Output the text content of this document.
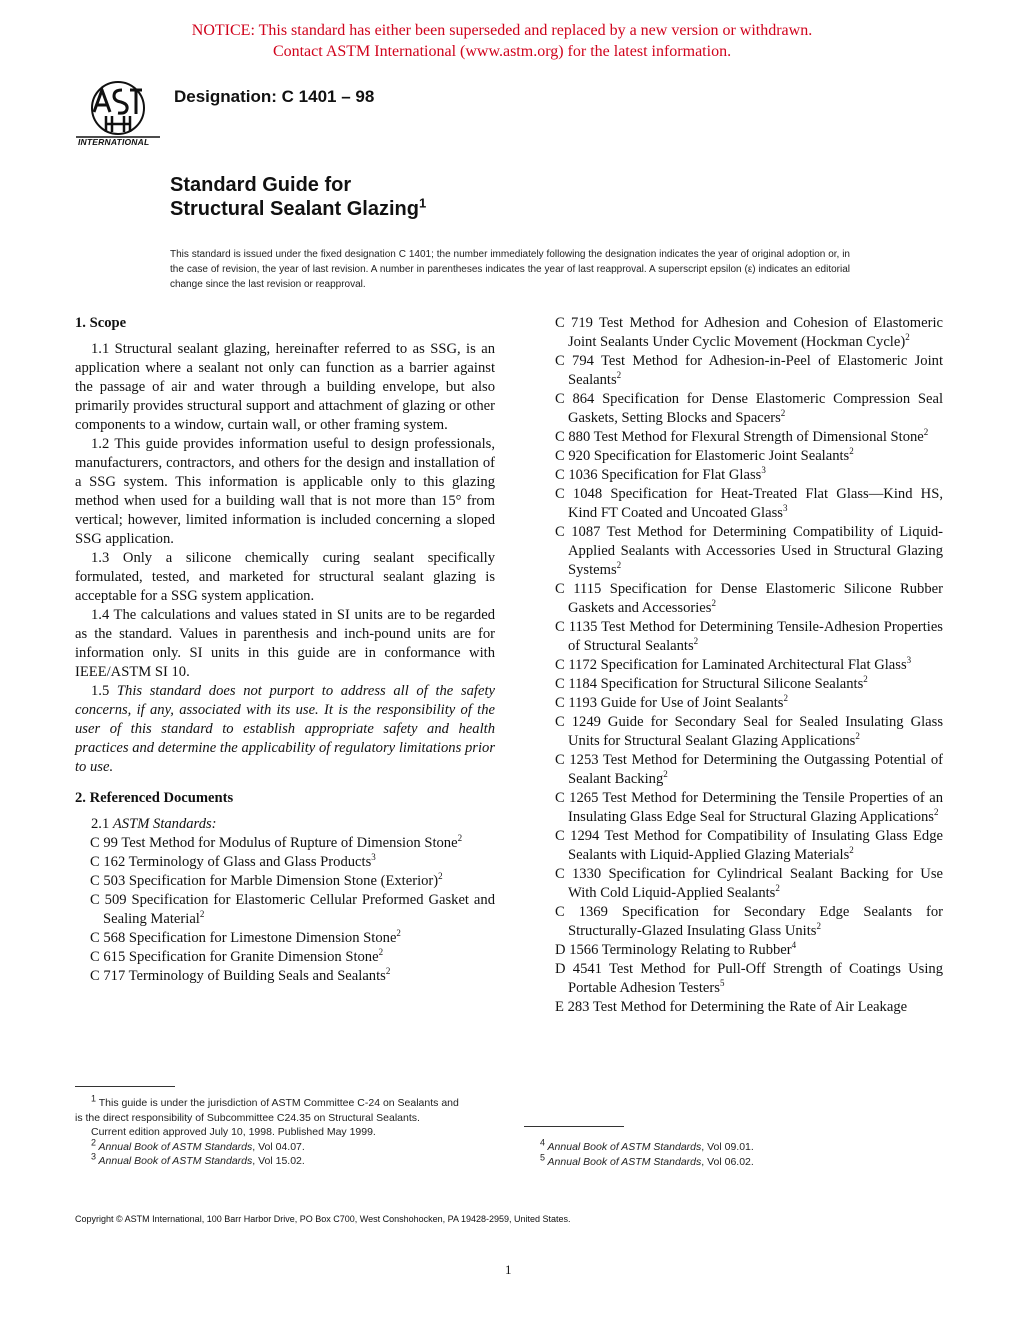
NOTICE: This standard has either been superseded and replaced by a new version or withdrawn.
Contact ASTM International (www.astm.org) for the latest information.
INTERNATIONAL
Designation: C 1401 – 98
Standard Guide for
Structural Sealant Glazing$^1$
This standard is issued under the fixed designation C 1401; the number immediately following the designation indicates the year of original adoption or, in the case of revision, the year of last revision. A number in parentheses indicates the year of last reapproval. A superscript epsilon (ε) indicates an editorial change since the last revision or reapproval.
1. Scope

1.1 Structural sealant glazing, hereinafter referred to as SSG, is an application where a sealant not only can function as a barrier against the passage of air and water through a building envelope, but also primarily provides structural support and attachment of glazing or other components to a window, curtain wall, or other framing system.

1.2 This guide provides information useful to design professionals, manufacturers, contractors, and others for the design and installation of a SSG system. This information is applicable only to this glazing method when used for a building wall that is not more than 15° from vertical; however, limited information is included concerning a sloped SSG application.

1.3 Only a silicone chemically curing sealant specifically formulated, tested, and marketed for structural sealant glazing is acceptable for a SSG system application.

1.4 The calculations and values stated in SI units are to be regarded as the standard. Values in parenthesis and inch-pound units are for information only. SI units in this guide are in conformance with IEEE/ASTM SI 10.

1.5 This standard does not purport to address all of the safety concerns, if any, associated with its use. It is the responsibility of the user of this standard to establish appropriate safety and health practices and determine the applicability of regulatory limitations prior to use.

2. Referenced Documents

2.1 ASTM Standards:

C 99 Test Method for Modulus of Rupture of Dimension Stone$^2$

C 162 Terminology of Glass and Glass Products$^3$

C 503 Specification for Marble Dimension Stone (Exterior)$^2$

C 509 Specification for Elastomeric Cellular Preformed Gasket and Sealing Material$^2$

C 568 Specification for Limestone Dimension Stone$^2$

C 615 Specification for Granite Dimension Stone$^2$

C 717 Terminology of Building Seals and Sealants$^2$

C 719 Test Method for Adhesion and Cohesion of Elastomeric Joint Sealants Under Cyclic Movement (Hockman Cycle)$^2$

C 794 Test Method for Adhesion-in-Peel of Elastomeric Joint Sealants$^2$

C 864 Specification for Dense Elastomeric Compression Seal Gaskets, Setting Blocks and Spacers$^2$

C 880 Test Method for Flexural Strength of Dimensional Stone$^2$

C 920 Specification for Elastomeric Joint Sealants$^2$

C 1036 Specification for Flat Glass$^3$

C 1048 Specification for Heat-Treated Flat Glass—Kind HS, Kind FT Coated and Uncoated Glass$^3$

C 1087 Test Method for Determining Compatibility of Liquid-Applied Sealants with Accessories Used in Structural Glazing Systems$^2$

C 1115 Specification for Dense Elastomeric Silicone Rubber Gaskets and Accessories$^2$

C 1135 Test Method for Determining Tensile-Adhesion Properties of Structural Sealants$^2$

C 1172 Specification for Laminated Architectural Flat Glass$^3$

C 1184 Specification for Structural Silicone Sealants$^2$

C 1193 Guide for Use of Joint Sealants$^2$

C 1249 Guide for Secondary Seal for Sealed Insulating Glass Units for Structural Sealant Glazing Applications$^2$

C 1253 Test Method for Determining the Outgassing Potential of Sealant Backing$^2$

C 1265 Test Method for Determining the Tensile Properties of an Insulating Glass Edge Seal for Structural Glazing Applications$^2$

C 1294 Test Method for Compatibility of Insulating Glass Edge Sealants with Liquid-Applied Glazing Materials$^2$

C 1330 Specification for Cylindrical Sealant Backing for Use With Cold Liquid-Applied Sealants$^2$

C 1369 Specification for Secondary Edge Sealants for Structurally-Glazed Insulating Glass Units$^2$

D 1566 Terminology Relating to Rubber$^4$

D 4541 Test Method for Pull-Off Strength of Coatings Using Portable Adhesion Testers$^5$

E 283 Test Method for Determining the Rate of Air Leakage

$^1$ This guide is under the jurisdiction of ASTM Committee C-24 on Sealants and
is the direct responsibility of Subcommittee C24.35 on Structural Sealants.
Current edition approved July 10, 1998. Published May 1999.
$^2$ Annual Book of ASTM Standards, Vol 04.07.
$^3$ Annual Book of ASTM Standards, Vol 15.02.
$^4$ Annual Book of ASTM Standards, Vol 09.01.
$^5$ Annual Book of ASTM Standards, Vol 06.02.
Copyright © ASTM International, 100 Barr Harbor Drive, PO Box C700, West Conshohocken, PA 19428-2959, United States.
1
